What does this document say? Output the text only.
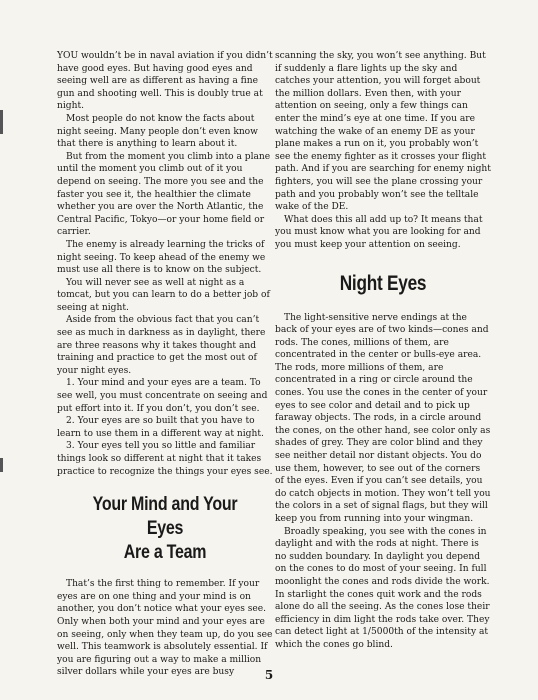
YOU wouldn’t be in naval aviation if you didn’t have good eyes. But having good eyes and seeing well are as different as having a fine gun and shooting well. This is doubly true at night.

Most people do not know the facts about night seeing. Many people don’t even know that there is anything to learn about it.

But from the moment you climb into a plane until the moment you climb out of it you depend on seeing. The more you see and the faster you see it, the healthier the climate whether you are over the North Atlantic, the Central Pacific, Tokyo—or your home field or carrier.

The enemy is already learning the tricks of night seeing. To keep ahead of the enemy we must use all there is to know on the subject.

You will never see as well at night as a tomcat, but you can learn to do a better job of seeing at night.

Aside from the obvious fact that you can’t see as much in darkness as in daylight, there are three reasons why it takes thought and training and practice to get the most out of your night eyes.

1. Your mind and your eyes are a team. To see well, you must concentrate on seeing and put effort into it. If you don’t, you don’t see.

2. Your eyes are so built that you have to learn to use them in a different way at night.

3. Your eyes tell you so little and familiar things look so different at night that it takes practice to recognize the things your eyes see.

Your Mind and Your Eyes
Are a Team

That’s the first thing to remember. If your eyes are on one thing and your mind is on another, you don’t notice what your eyes see. Only when both your mind and your eyes are on seeing, only when they team up, do you see well. This teamwork is absolutely essential. If you are figuring out a way to make a million silver dollars while your eyes are busy

scanning the sky, you won’t see anything. But if suddenly a flare lights up the sky and catches your attention, you will forget about the million dollars. Even then, with your attention on seeing, only a few things can enter the mind’s eye at one time. If you are watching the wake of an enemy DE as your plane makes a run on it, you probably won’t see the enemy fighter as it crosses your flight path. And if you are searching for enemy night fighters, you will see the plane crossing your path and you probably won’t see the telltale wake of the DE.

What does this all add up to? It means that you must know what you are looking for and you must keep your attention on seeing.

Night Eyes

The light-sensitive nerve endings at the back of your eyes are of two kinds—cones and rods. The cones, millions of them, are concentrated in the center or bulls-eye area. The rods, more millions of them, are concentrated in a ring or circle around the cones. You use the cones in the center of your eyes to see color and detail and to pick up faraway objects. The rods, in a circle around the cones, on the other hand, see color only as shades of grey. They are color blind and they see neither detail nor distant objects. You do use them, however, to see out of the corners of the eyes. Even if you can’t see details, you do catch objects in motion. They won’t tell you the colors in a set of signal flags, but they will keep you from running into your wingman.

Broadly speaking, you see with the cones in daylight and with the rods at night. There is no sudden boundary. In daylight you depend on the cones to do most of your seeing. In full moonlight the cones and rods divide the work. In starlight the cones quit work and the rods alone do all the seeing. As the cones lose their efficiency in dim light the rods take over. They can detect light at 1/5000th of the intensity at which the cones go blind.

5
